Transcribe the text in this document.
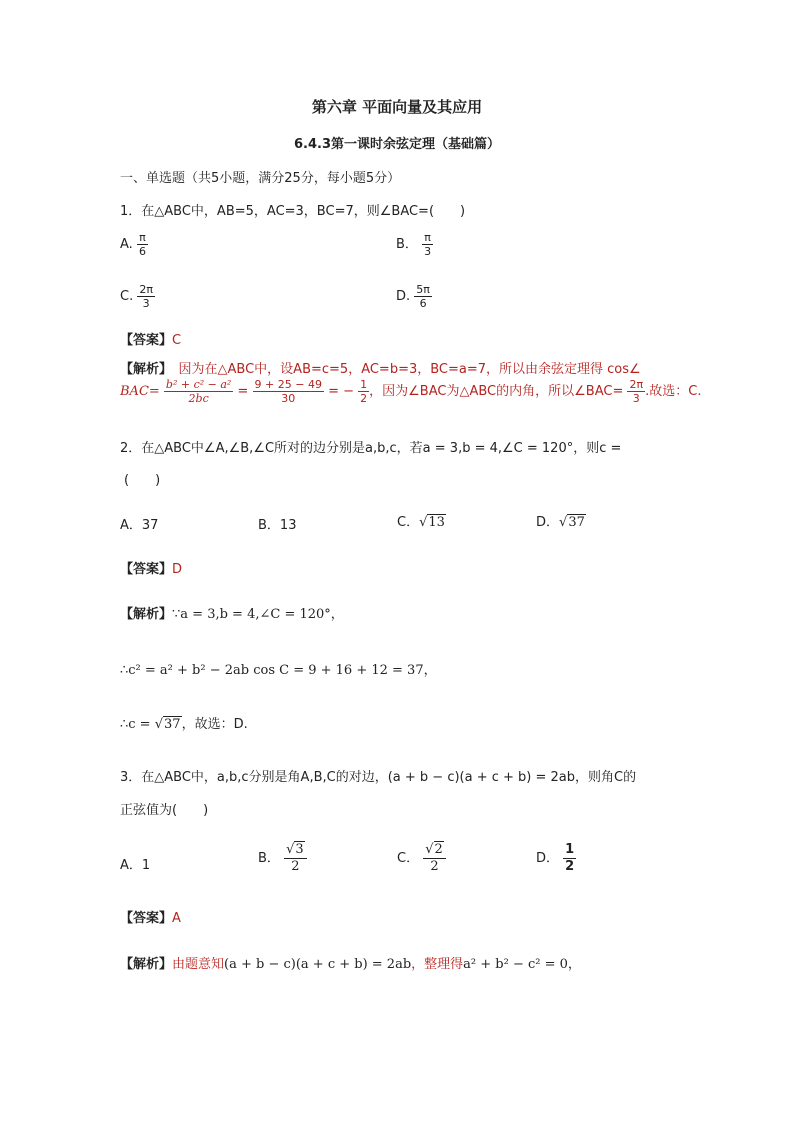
第六章 平面向量及其应用
6.4.3第一课时余弦定理（基础篇）
一、单选题（共5小题，满分25分，每小题5分）
1．在△ABC中，AB=5，AC=3，BC=7，则∠BAC=(　　)
A. $\frac{\pi}{6}$	B． $\frac{\pi}{3}$
C. $\frac{2\pi}{3}$	D. $\frac{5\pi}{6}$
【答案】C
【解析】　因为在△ABC中，设AB=c=5，AC=b=3，BC=a=7，所以由余弦定理得 cos∠
$BAC= \frac{\text{b² + c² − a²}}{2bc} = \frac{9 + 25 - 49}{30}$ = − $\frac{1}{2}$ ，因为∠BAC为△ABC的内角，所以∠BAC= $\frac{2\pi}{3}$ .故选：C.
2．在△ABC中∠A,∠B,∠C所对的边分别是a,b,c，若a = 3,b = 4,∠C = 120°，则c =
(　　)
A．37	B．13	C．√13	D．√37
【答案】D
【解析】∵a = 3,b = 4,∠C = 120°，
∴c² = a² + b² − 2ab cos C = 9 + 16 + 12 = 37，
∴c = √37，故选：D.
3．在△ABC中，a,b,c分别是角A,B,C的对边，(a + b − c)(a + c + b) = 2ab，则角C的
正弦值为(　　)
A．1	B． $\frac{√3}{2}$	C． $\frac{√2}{2}$	D． $\frac{1}{2}$
【答案】A
【解析】由题意知(a + b − c)(a + c + b) = 2ab，整理得a² + b² − c² = 0，
